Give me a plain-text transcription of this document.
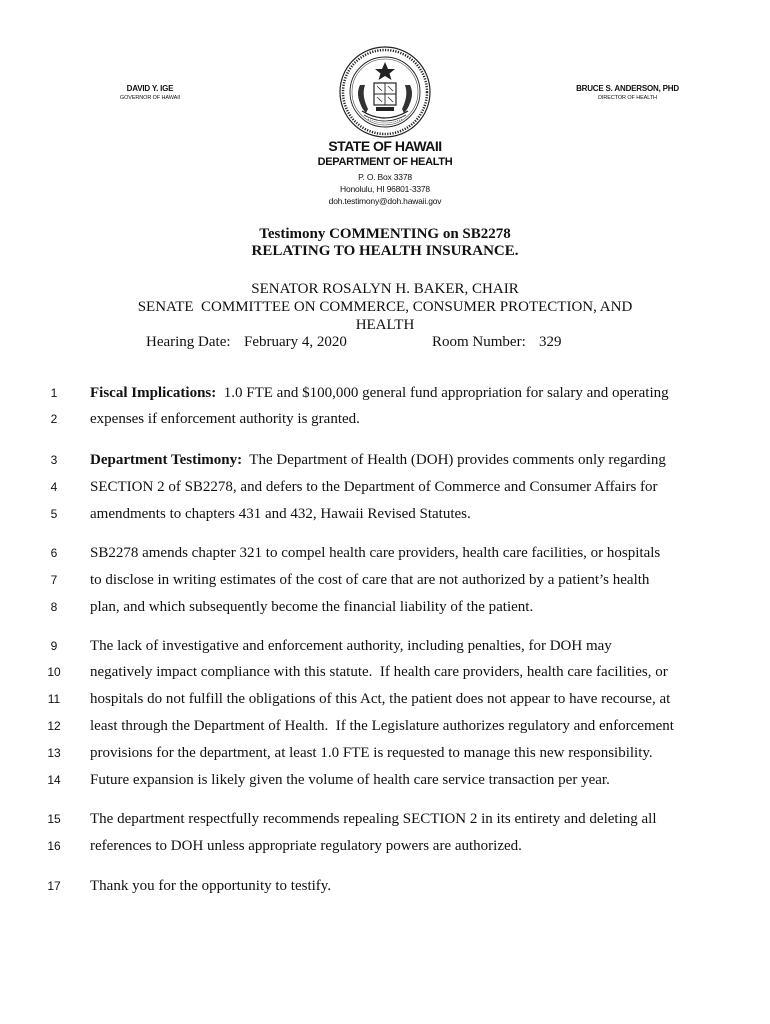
DAVID Y. IGE
GOVERNOR OF HAWAII
BRUCE S. ANDERSON, PHD
DIRECTOR OF HEALTH
STATE OF HAWAII
DEPARTMENT OF HEALTH
P. O. Box 3378
Honolulu, HI 96801-3378
doh.testimony@doh.hawaii.gov
Testimony COMMENTING on SB2278
RELATING TO HEALTH INSURANCE.
SENATOR ROSALYN H. BAKER, CHAIR
SENATE  COMMITTEE ON COMMERCE, CONSUMER PROTECTION, AND
HEALTH
Hearing Date: February 4, 2020	Room Number: 329
1	Fiscal Implications:  1.0 FTE and $100,000 general fund appropriation for salary and operating
2	expenses if enforcement authority is granted.
3	Department Testimony:  The Department of Health (DOH) provides comments only regarding
4	SECTION 2 of SB2278, and defers to the Department of Commerce and Consumer Affairs for
5	amendments to chapters 431 and 432, Hawaii Revised Statutes.
6	SB2278 amends chapter 321 to compel health care providers, health care facilities, or hospitals
7	to disclose in writing estimates of the cost of care that are not authorized by a patient’s health
8	plan, and which subsequently become the financial liability of the patient.
9	The lack of investigative and enforcement authority, including penalties, for DOH may
10	negatively impact compliance with this statute.  If health care providers, health care facilities, or
11	hospitals do not fulfill the obligations of this Act, the patient does not appear to have recourse, at
12	least through the Department of Health.  If the Legislature authorizes regulatory and enforcement
13	provisions for the department, at least 1.0 FTE is requested to manage this new responsibility.
14	Future expansion is likely given the volume of health care service transaction per year.
15	The department respectfully recommends repealing SECTION 2 in its entirety and deleting all
16	references to DOH unless appropriate regulatory powers are authorized.
17	Thank you for the opportunity to testify.
